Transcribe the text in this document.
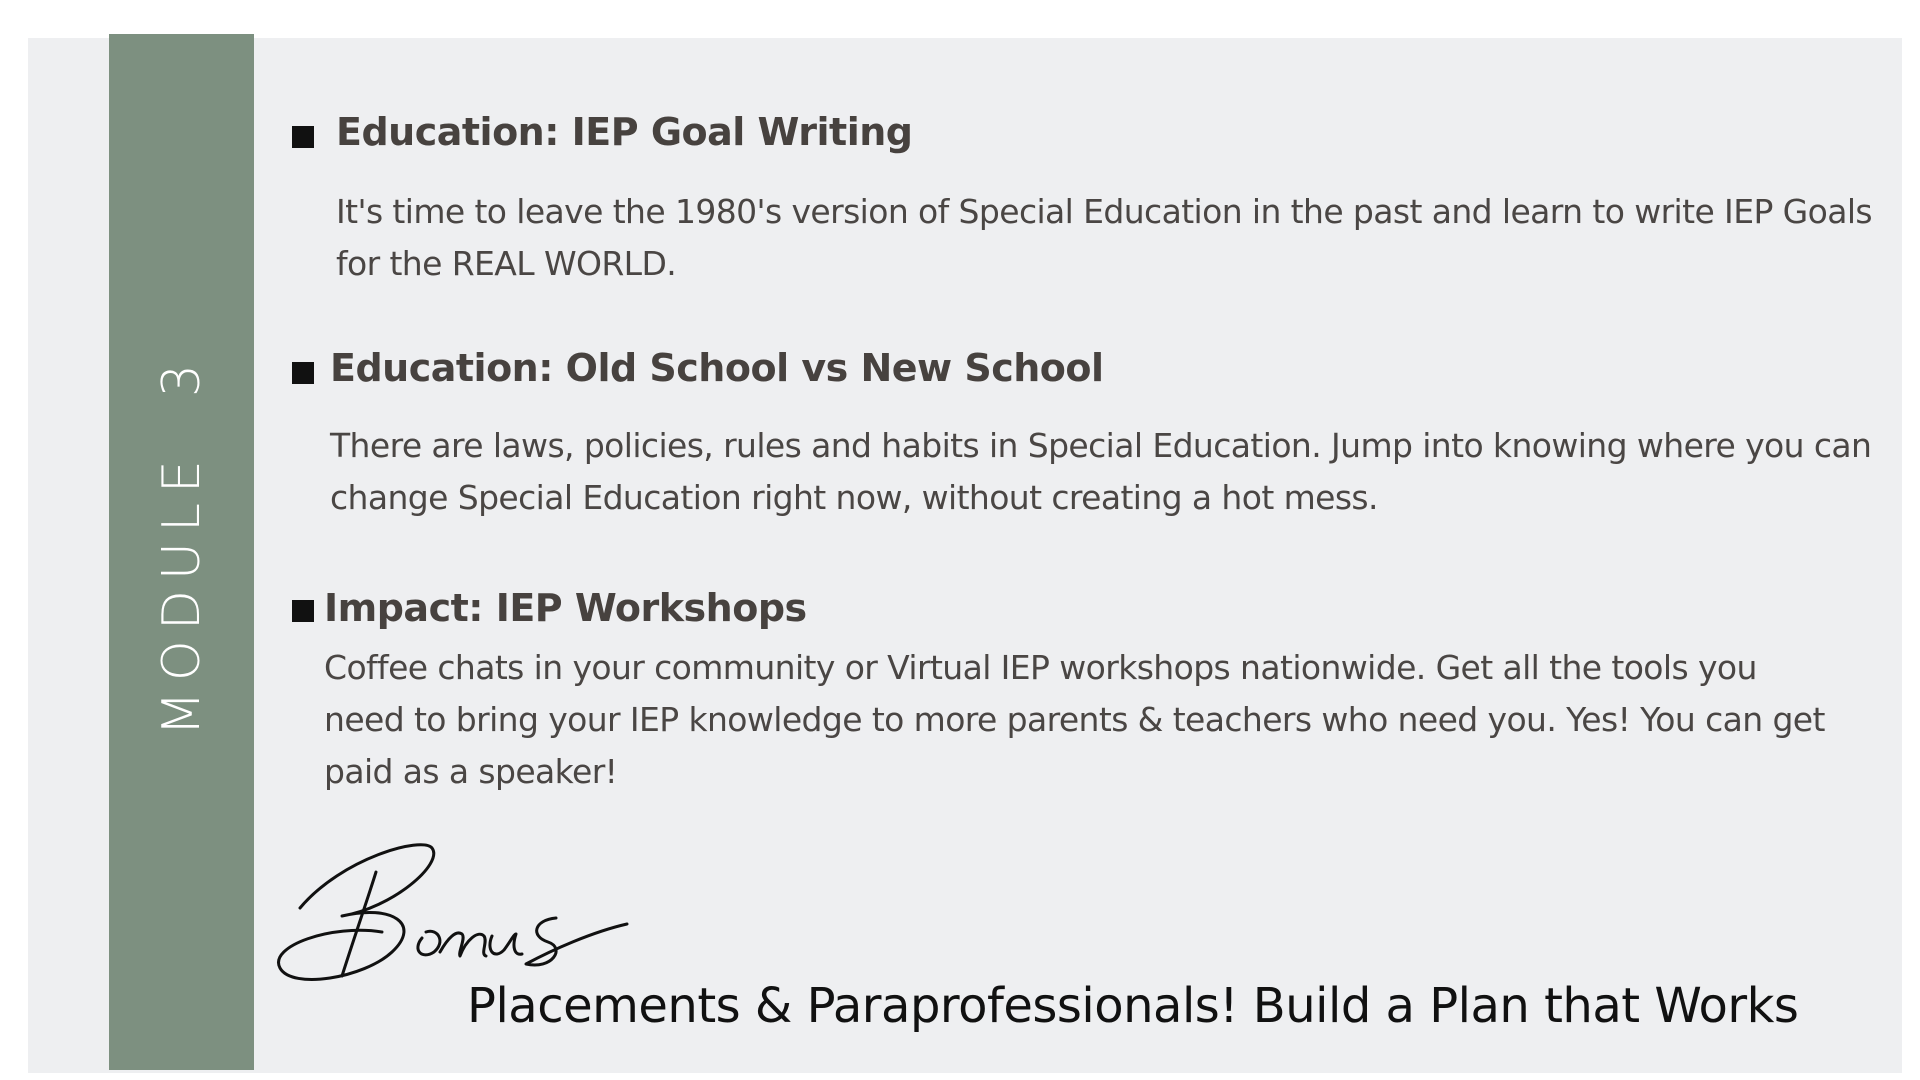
MODULE  3
Education: IEP Goal Writing
It's time to leave the 1980's version of Special Education in the past and learn to write IEP Goals for the REAL WORLD.
Education: Old School vs New School
There are laws, policies, rules and habits in Special Education. Jump into knowing where you can change Special Education right now, without creating a hot mess.
Impact: IEP Workshops
Coffee chats in your community or Virtual IEP workshops nationwide. Get all the tools you need to bring your IEP knowledge to more parents & teachers who need you. Yes! You can get paid as a speaker!
Placements & Paraprofessionals! Build a Plan that Works
